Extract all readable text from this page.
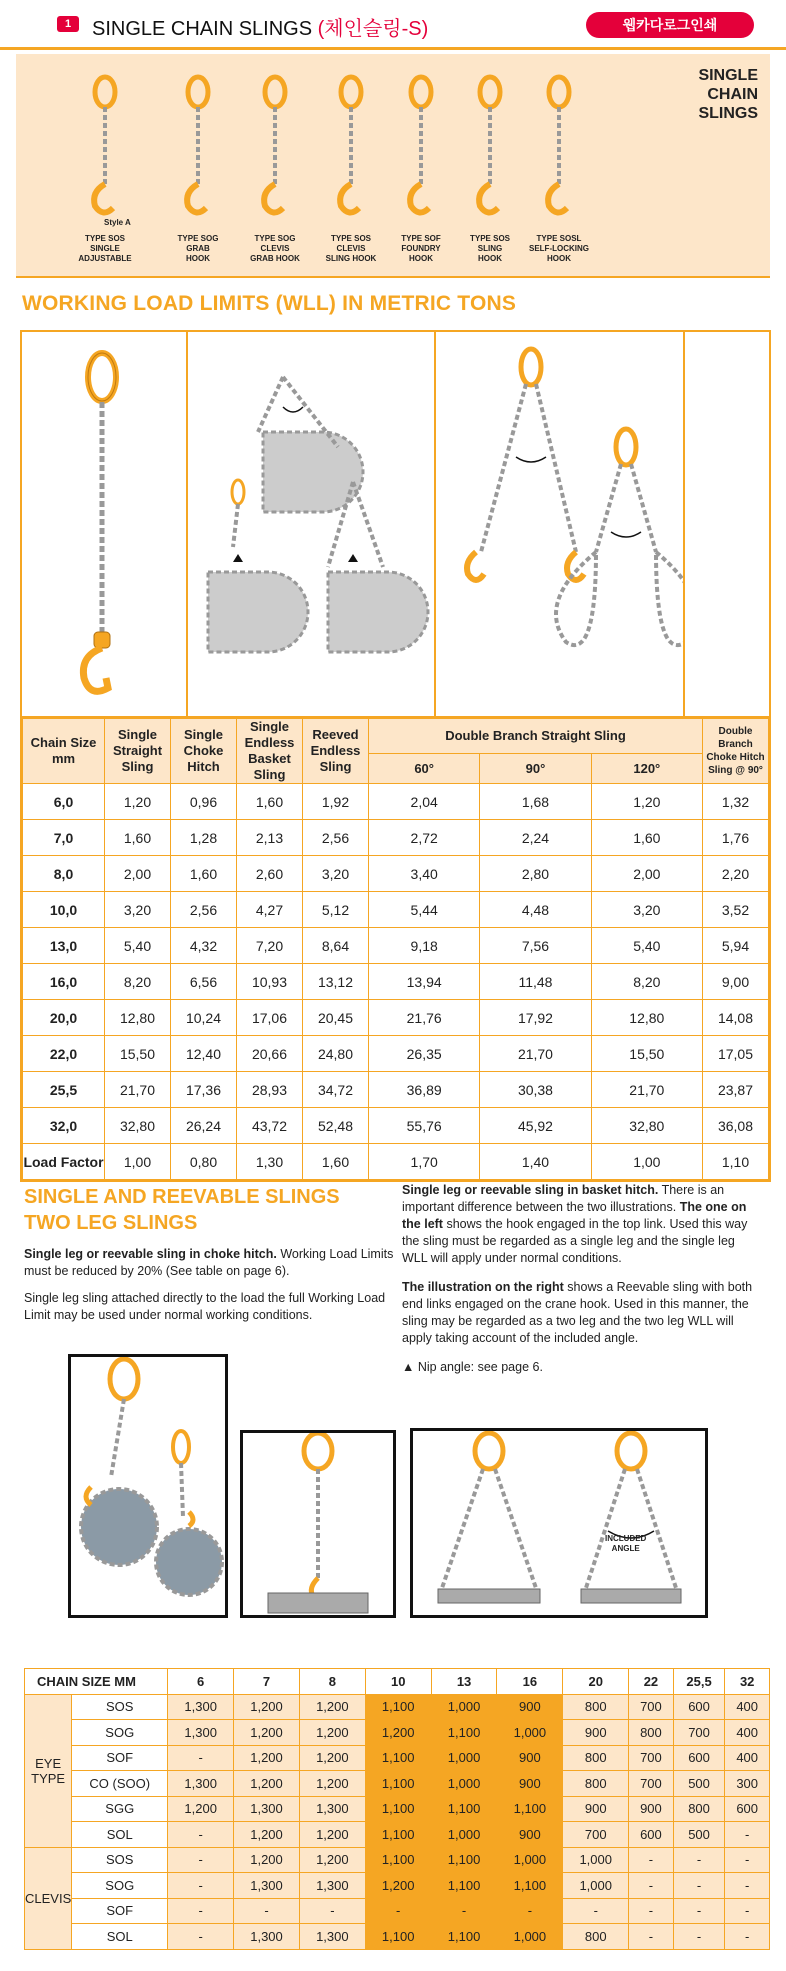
1	SINGLE CHAIN SLINGS (체인슬링-S)	웹카다로그인쇄
SINGLE
CHAIN
SLINGS
TYPE SOS
SINGLE
ADJUSTABLE
TYPE SOG
GRAB
HOOK
TYPE SOG
CLEVIS
GRAB HOOK
TYPE SOS
CLEVIS
SLING HOOK
TYPE SOF
FOUNDRY
HOOK
TYPE SOS
SLING
HOOK
TYPE SOSL
SELF-LOCKING
HOOK
Style A
WORKING LOAD LIMITS (WLL) IN METRIC TONS
Chain Size
mm	Single
Straight
Sling	Single
Choke Hitch	Single
Endless
Basket Sling	Reeved
Endless
Sling	Double Branch Straight Sling			Double Branch
Choke Hitch
Sling @ 90°
					60°	90°	120°	
6,0	1,20	0,96	1,60	1,92	2,04	1,68	1,20	1,32
7,0	1,60	1,28	2,13	2,56	2,72	2,24	1,60	1,76
8,0	2,00	1,60	2,60	3,20	3,40	2,80	2,00	2,20
10,0	3,20	2,56	4,27	5,12	5,44	4,48	3,20	3,52
13,0	5,40	4,32	7,20	8,64	9,18	7,56	5,40	5,94
16,0	8,20	6,56	10,93	13,12	13,94	11,48	8,20	9,00
20,0	12,80	10,24	17,06	20,45	21,76	17,92	12,80	14,08
22,0	15,50	12,40	20,66	24,80	26,35	21,70	15,50	17,05
25,5	21,70	17,36	28,93	34,72	36,89	30,38	21,70	23,87
32,0	32,80	26,24	43,72	52,48	55,76	45,92	32,80	36,08
Load Factor	1,00	0,80	1,30	1,60	1,70	1,40	1,00	1,10
SINGLE AND REEVABLE SLINGS
TWO LEG SLINGS

Single leg or reevable sling in choke hitch. Working Load Limits must be reduced by 20% (See table on page 6).

Single leg sling attached directly to the load the full Working Load Limit may be used under normal working conditions.

Single leg or reevable sling in basket hitch. There is an important difference between the two illustrations. The one on the left shows the hook engaged in the top link. Used this way the sling must be regarded as a single leg and the single leg WLL will apply under normal conditions.

The illustration on the right shows a Reevable sling with both end links engaged on the crane hook. Used in this manner, the sling may be regarded as a two leg and the two leg WLL will apply taking account of the included angle.

▲ Nip angle: see page 6.

INCLUDED
ANGLE
CHAIN SIZE MM		6	7	8	10	13	16	20	22	25,5	32
EYE
TYPE	SOS	1,300	1,200	1,200	1,100	1,000	900	800	700	600	400
	SOG	1,300	1,200	1,200	1,200	1,100	1,000	900	800	700	400
	SOF	-	1,200	1,200	1,100	1,000	900	800	700	600	400
	CO (SOO)	1,300	1,200	1,200	1,100	1,000	900	800	700	500	300
	SGG	1,200	1,300	1,300	1,100	1,100	1,100	900	900	800	600
	SOL	-	1,200	1,200	1,100	1,000	900	700	600	500	-
CLEVIS	SOS	-	1,200	1,200	1,100	1,100	1,000	1,000	-	-	-
	SOG	-	1,300	1,300	1,200	1,100	1,100	1,000	-	-	-
	SOF	-	-	-	-	-	-	-	-	-	-
	SOL	-	1,300	1,300	1,100	1,100	1,000	800	-	-	-
